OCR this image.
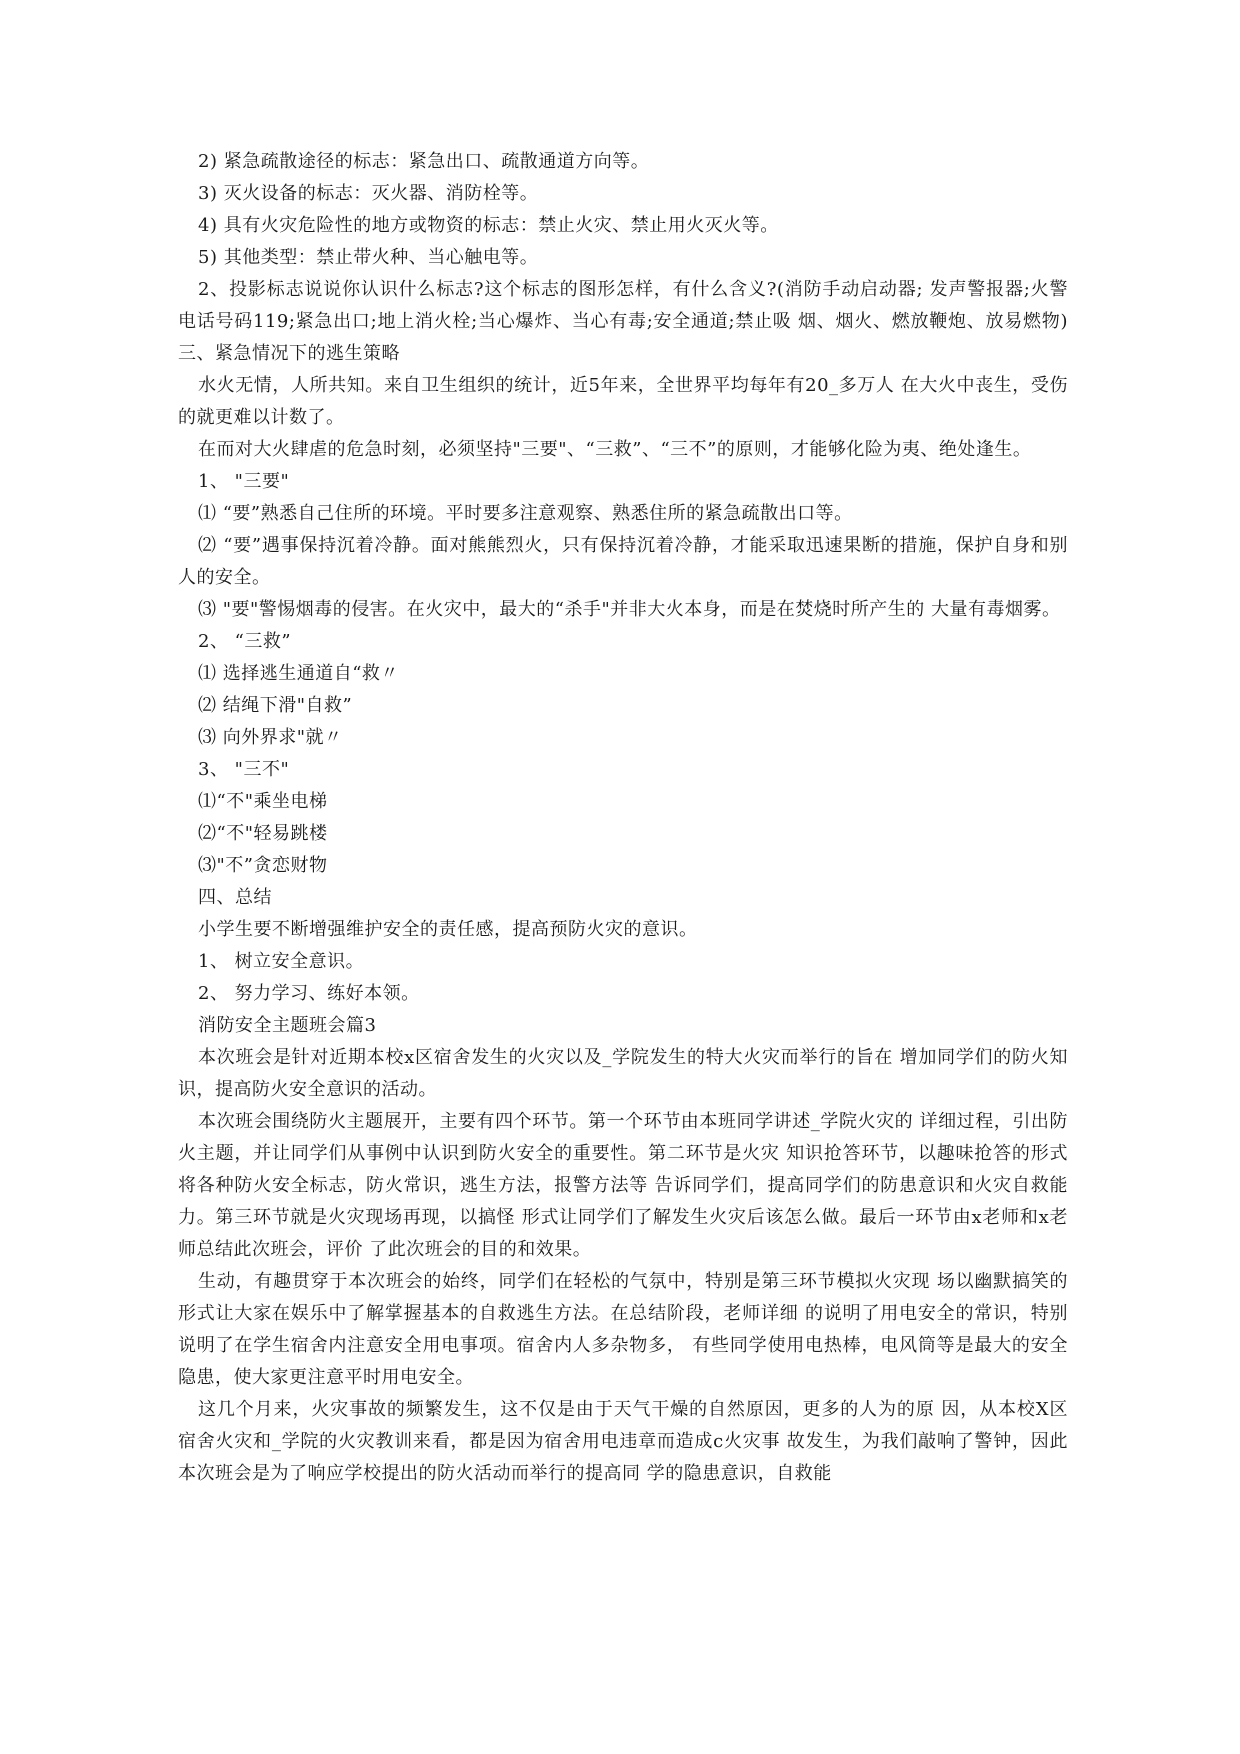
2) 紧急疏散途径的标志：紧急出口、疏散通道方向等。

3) 灭火设备的标志：灭火器、消防栓等。

4) 具有火灾危险性的地方或物资的标志：禁止火灾、禁止用火灭火等。

5) 其他类型：禁止带火种、当心触电等。

2、投影标志说说你认识什么标志?这个标志的图形怎样，有什么含义?(消防手动启动器; 发声警报器;火警电话号码119;紧急出口;地上消火栓;当心爆炸、当心有毒;安全通道;禁止吸 烟、烟火、燃放鞭炮、放易燃物)三、紧急情况下的逃生策略

水火无情，人所共知。来自卫生组织的统计，近5年来，全世界平均每年有20_多万人 在大火中丧生，受伤的就更难以计数了。

在而对大火肆虐的危急时刻，必须坚持"三要"、“三救”、“三不”的原则，才能够化险为夷、绝处逢生。

1、 "三要"

⑴ “要”熟悉自己住所的环境。平时要多注意观察、熟悉住所的紧急疏散出口等。

⑵ “要”遇事保持沉着冷静。面对熊熊烈火，只有保持沉着冷静，才能采取迅速果断的措施，保护自身和别人的安全。

⑶ "要"警惕烟毒的侵害。在火灾中，最大的“杀手"并非大火本身，而是在焚烧时所产生的 大量有毒烟雾。

2、 “三救”

⑴ 选择逃生通道自“救〃

⑵ 结绳下滑"自救”

⑶ 向外界求"就〃

3、 "三不"

⑴“不"乘坐电梯

⑵“不"轻易跳楼

⑶"不”贪恋财物

四、总结

小学生要不断增强维护安全的责任感，提高预防火灾的意识。

1、 树立安全意识。

2、 努力学习、练好本领。

消防安全主题班会篇3

本次班会是针对近期本校x区宿舍发生的火灾以及_学院发生的特大火灾而举行的旨在 增加同学们的防火知识，提高防火安全意识的活动。

本次班会围绕防火主题展开，主要有四个环节。第一个环节由本班同学讲述_学院火灾的 详细过程，引出防火主题，并让同学们从事例中认识到防火安全的重要性。第二环节是火灾 知识抢答环节，以趣味抢答的形式将各种防火安全标志，防火常识，逃生方法，报警方法等 告诉同学们，提高同学们的防患意识和火灾自救能力。第三环节就是火灾现场再现，以搞怪 形式让同学们了解发生火灾后该怎么做。最后一环节由x老师和x老师总结此次班会，评价 了此次班会的目的和效果。

生动，有趣贯穿于本次班会的始终，同学们在轻松的气氛中，特别是第三环节模拟火灾现 场以幽默搞笑的形式让大家在娱乐中了解掌握基本的自救逃生方法。在总结阶段，老师详细 的说明了用电安全的常识，特别说明了在学生宿舍内注意安全用电事项。宿舍内人多杂物多， 有些同学使用电热棒，电风筒等是最大的安全隐患，使大家更注意平时用电安全。

这几个月来，火灾事故的频繁发生，这不仅是由于天气干燥的自然原因，更多的人为的原 因，从本校X区宿舍火灾和_学院的火灾教训来看，都是因为宿舍用电违章而造成c火灾事 故发生，为我们敲响了警钟，因此本次班会是为了响应学校提出的防火活动而举行的提高同 学的隐患意识，自救能
